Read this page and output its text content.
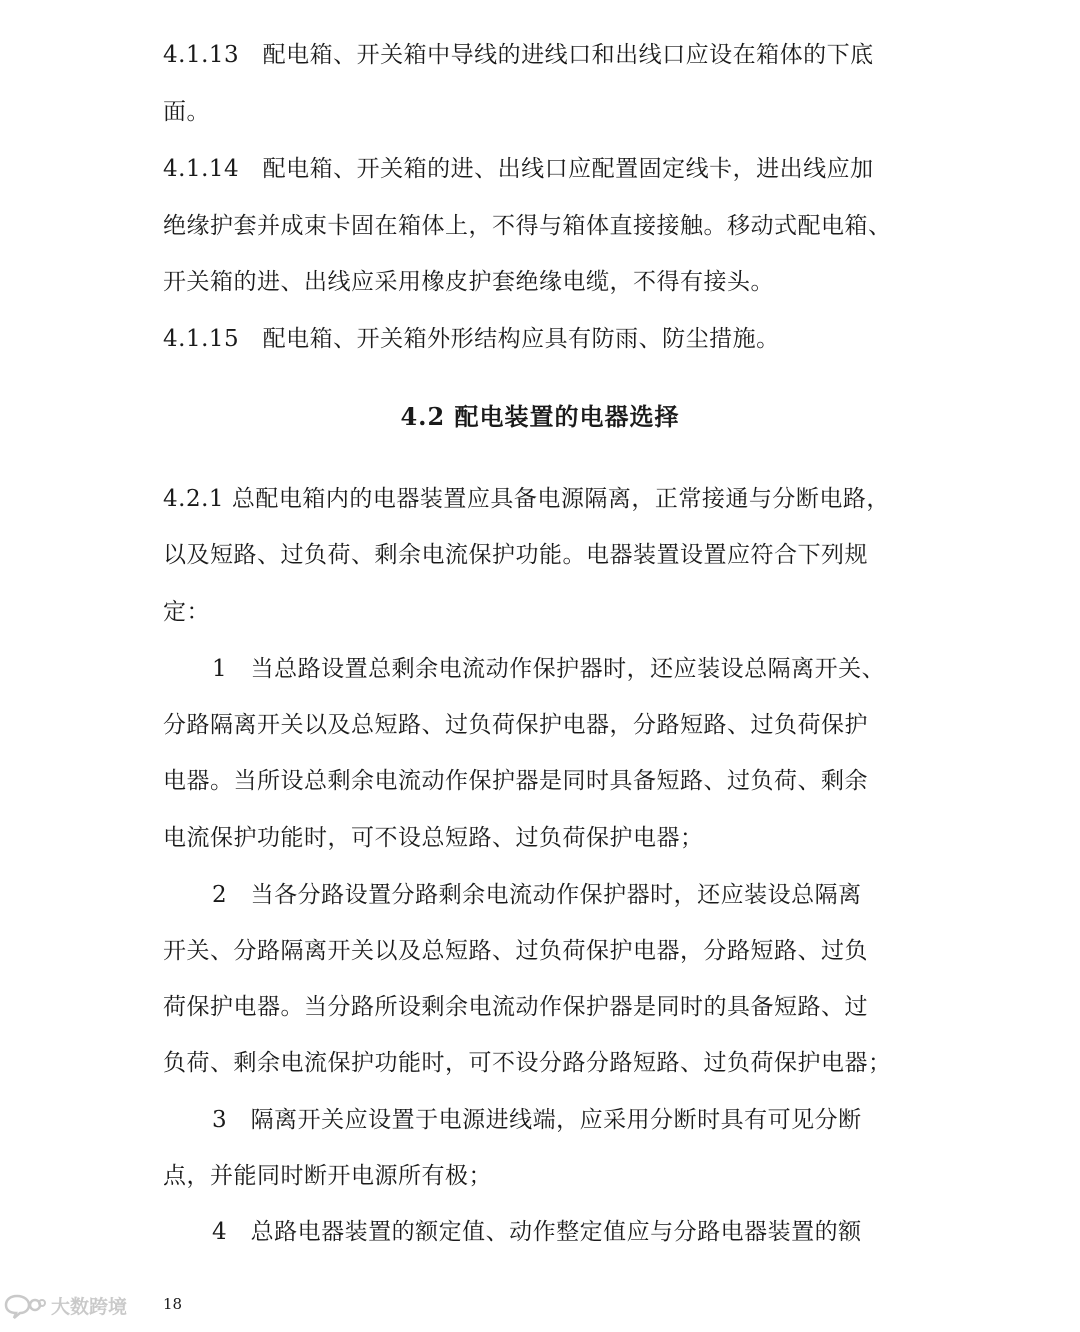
4.1.13　配电箱、开关箱中导线的进线口和出线口应设在箱体的下底
面。
4.1.14　配电箱、开关箱的进、出线口应配置固定线卡，进出线应加
绝缘护套并成束卡固在箱体上，不得与箱体直接接触。移动式配电箱、
开关箱的进、出线应采用橡皮护套绝缘电缆，不得有接头。
4.1.15　配电箱、开关箱外形结构应具有防雨、防尘措施。
4.2 配电装置的电器选择
4.2.1 总配电箱内的电器装置应具备电源隔离，正常接通与分断电路，
以及短路、过负荷、剩余电流保护功能。电器装置设置应符合下列规
定：
1　当总路设置总剩余电流动作保护器时，还应装设总隔离开关、
分路隔离开关以及总短路、过负荷保护电器，分路短路、过负荷保护
电器。当所设总剩余电流动作保护器是同时具备短路、过负荷、剩余
电流保护功能时，可不设总短路、过负荷保护电器；
2　当各分路设置分路剩余电流动作保护器时，还应装设总隔离
开关、分路隔离开关以及总短路、过负荷保护电器，分路短路、过负
荷保护电器。当分路所设剩余电流动作保护器是同时的具备短路、过
负荷、剩余电流保护功能时，可不设分路分路短路、过负荷保护电器；
3　隔离开关应设置于电源进线端，应采用分断时具有可见分断
点，并能同时断开电源所有极；
4　总路电器装置的额定值、动作整定值应与分路电器装置的额
18
大数跨境
